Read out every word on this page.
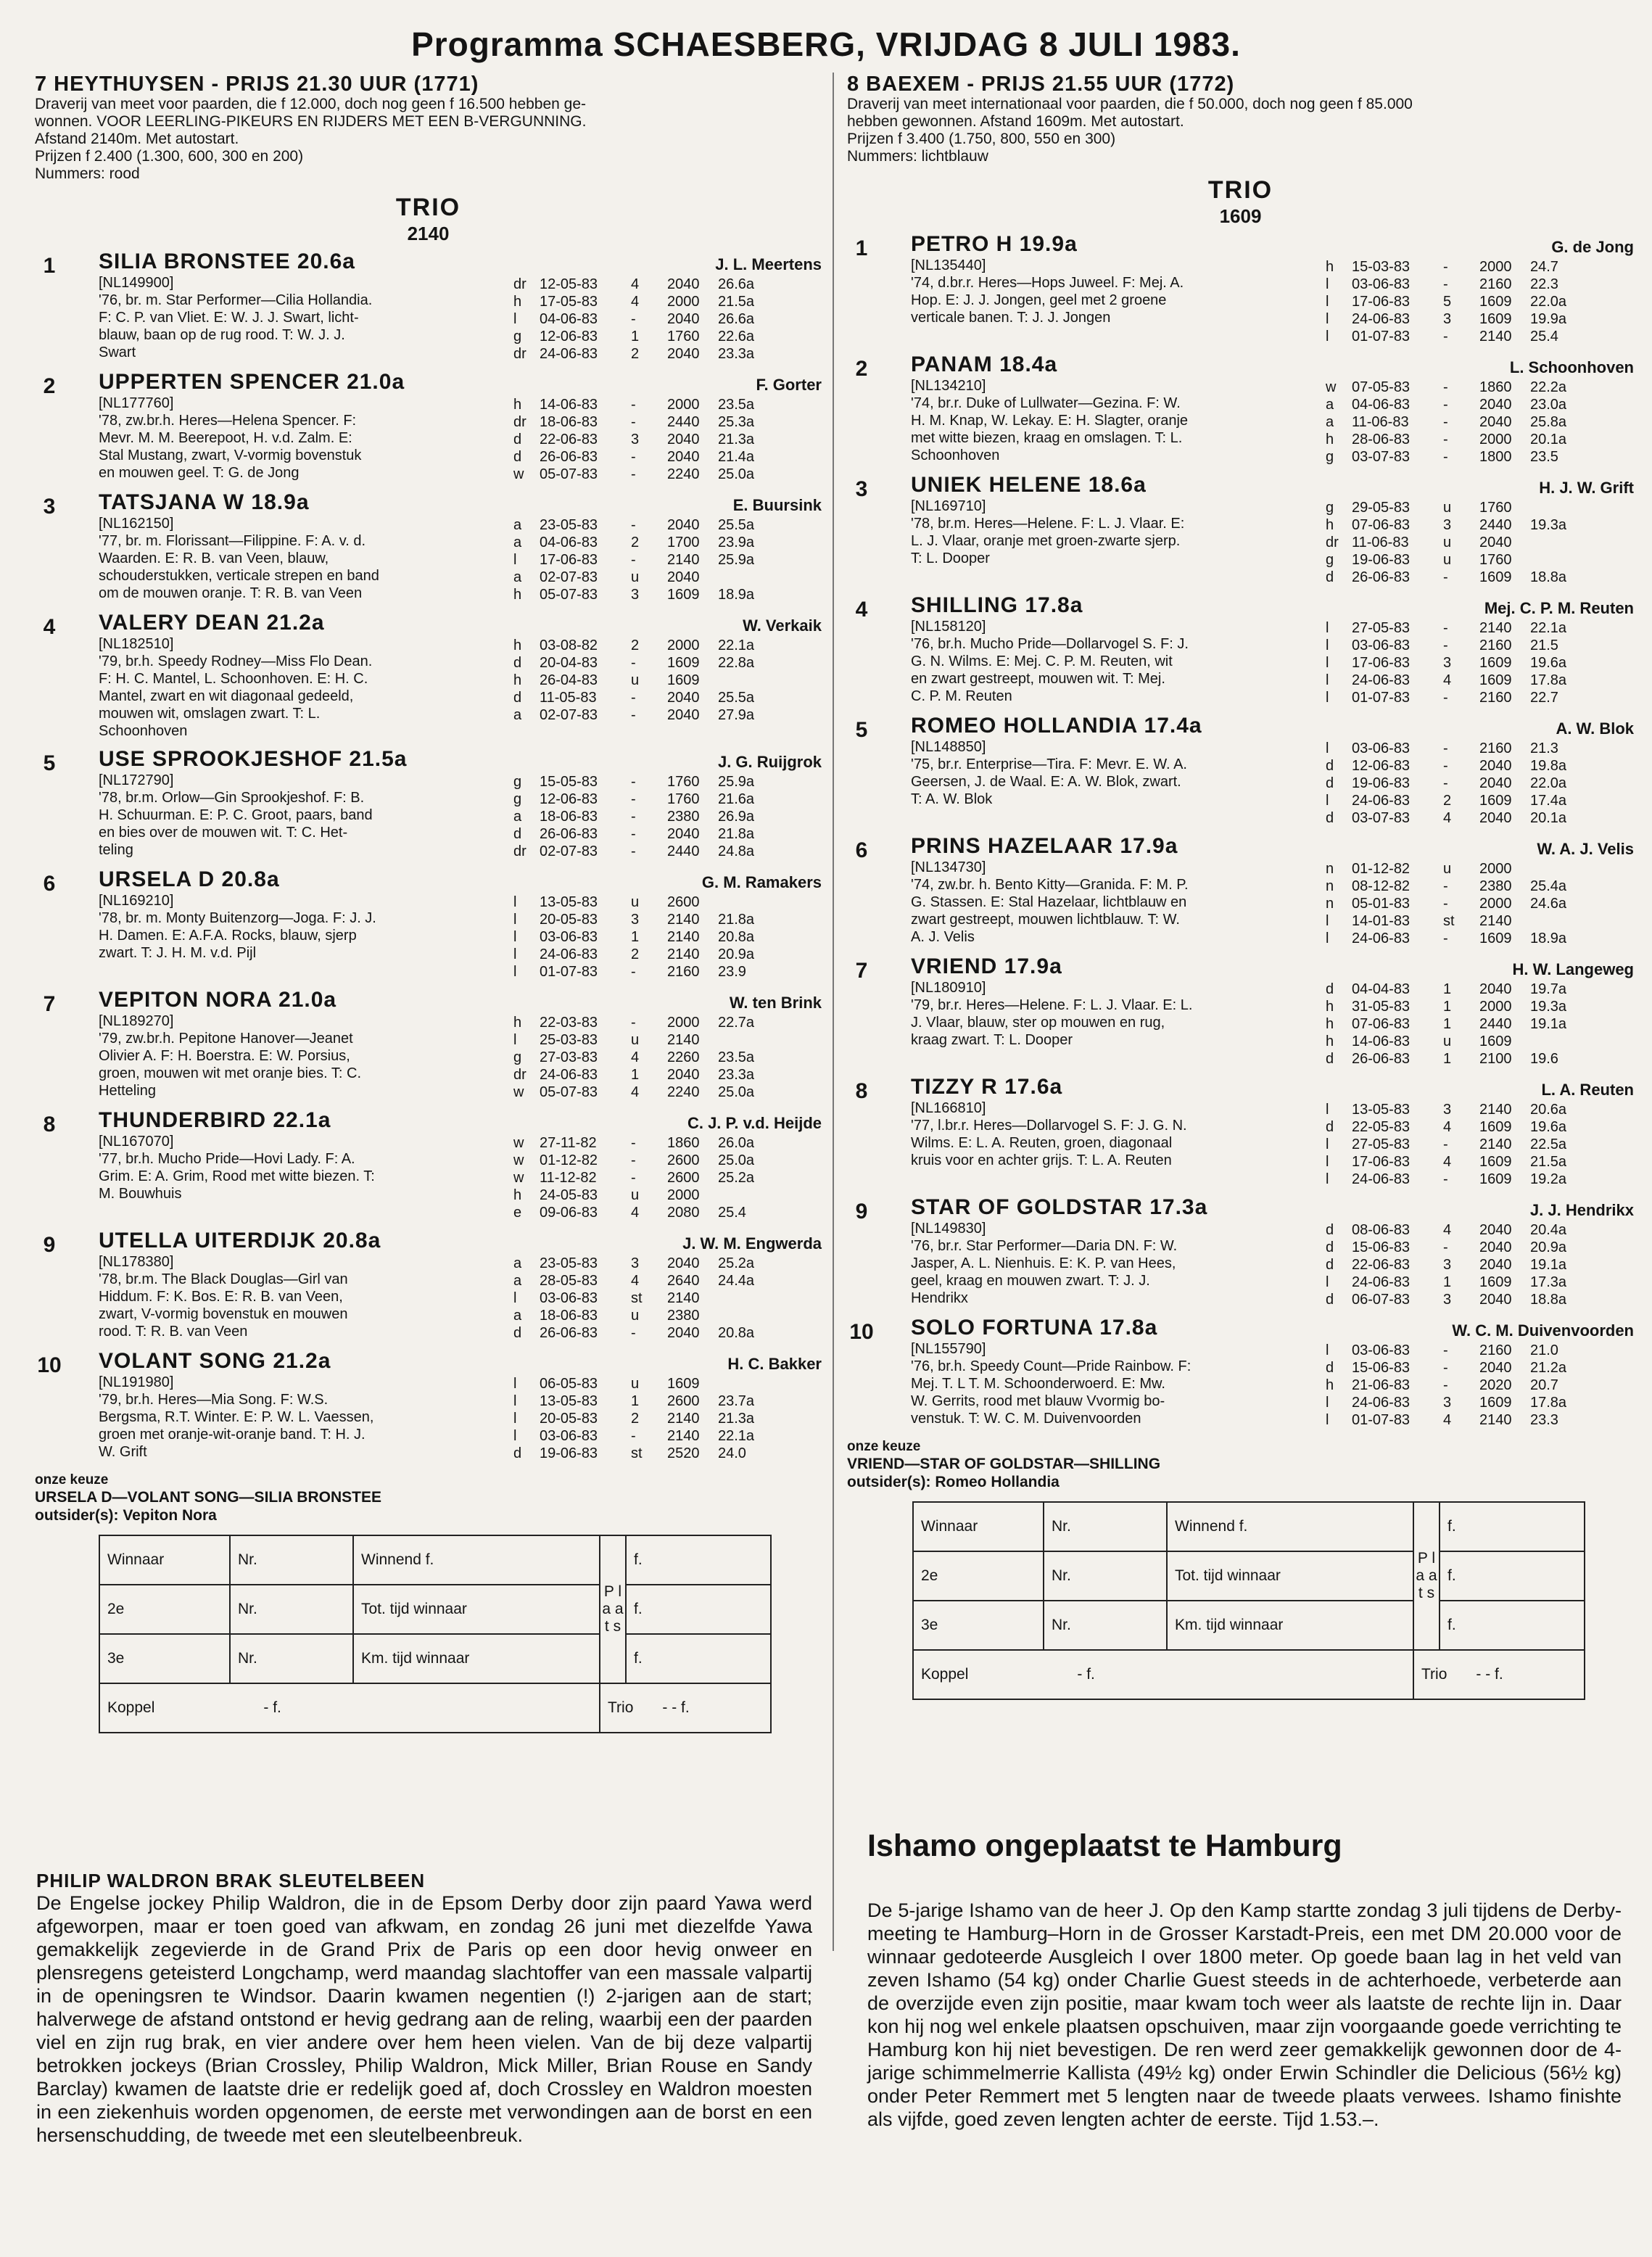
Programma SCHAESBERG, VRIJDAG 8 JULI 1983.
7 HEYTHUYSEN - PRIJS 21.30 UUR (1771)
Draverij van meet voor paarden, die f 12.000, doch nog geen f 16.500 hebben ge-
wonnen. VOOR LEERLING-PIKEURS EN RIJDERS MET EEN B-VERGUNNING.
Afstand 2140m. Met autostart.
Prijzen f 2.400 (1.300, 600, 300 en 200)
Nummers: rood
TRIO
2140
1	SILIA BRONSTEE 20.6a
[NL149900]
'76, br. m. Star Performer—Cilia Hollandia.
F: C. P. van Vliet. E: W. J. J. Swart, licht-
blauw, baan op de rug rood. T: W. J. J.
Swart
J. L. Meertens
dr 12-05-83	4	2040	26.6a
h	17-05-83	4	2000	21.5a
l	04-06-83	-	2040	26.6a
g	12-06-83	1	1760	22.6a
dr 24-06-83	2	2040	23.3a
2	UPPERTEN SPENCER 21.0a
[NL177760]
'78, zw.br.h. Heres—Helena Spencer. F:
Mevr. M. M. Beerepoot, H. v.d. Zalm. E:
Stal Mustang, zwart, V-vormig bovenstuk
en mouwen geel. T: G. de Jong
F. Gorter
h	14-06-83	-	2000	23.5a
dr 18-06-83	-	2440	25.3a
d	22-06-83	3	2040	21.3a
d	26-06-83	-	2040	21.4a
w	05-07-83	-	2240	25.0a
3	TATSJANA W 18.9a
[NL162150]
'77, br. m. Florissant—Filippine. F: A. v. d.
Waarden. E: R. B. van Veen, blauw,
schouderstukken, verticale strepen en band
om de mouwen oranje. T: R. B. van Veen
E. Buursink
a	23-05-83	-	2040	25.5a
a	04-06-83	2	1700	23.9a
l	17-06-83	-	2140	25.9a
a	02-07-83	u	2040
h	05-07-83	3	1609	18.9a
4	VALERY DEAN 21.2a
[NL182510]
'79, br.h. Speedy Rodney—Miss Flo Dean.
F: H. C. Mantel, L. Schoonhoven. E: H. C.
Mantel, zwart en wit diagonaal gedeeld,
mouwen wit, omslagen zwart. T: L.
Schoonhoven
W. Verkaik
h	03-08-82	2	2000	22.1a
d	20-04-83	-	1609	22.8a
h	26-04-83	u	1609
d	11-05-83	-	2040	25.5a
a	02-07-83	-	2040	27.9a
5	USE SPROOKJESHOF 21.5a
[NL172790]
'78, br.m. Orlow—Gin Sprookjeshof. F: B.
H. Schuurman. E: P. C. Groot, paars, band
en bies over de mouwen wit. T: C. Het-
teling
J. G. Ruijgrok
g	15-05-83	-	1760	25.9a
g	12-06-83	-	1760	21.6a
a	18-06-83	-	2380	26.9a
d	26-06-83	-	2040	21.8a
dr 02-07-83	-	2440	24.8a
6	URSELA D 20.8a
[NL169210]
'78, br. m. Monty Buitenzorg—Joga. F: J. J.
H. Damen. E: A.F.A. Rocks, blauw, sjerp
zwart. T: J. H. M. v.d. Pijl
G. M. Ramakers
l	13-05-83	u	2600
l	20-05-83	3	2140	21.8a
l	03-06-83	1	2140	20.8a
l	24-06-83	2	2140	20.9a
l	01-07-83	-	2160	23.9
7	VEPITON NORA 21.0a
[NL189270]
'79, zw.br.h. Pepitone Hanover—Jeanet
Olivier A. F: H. Boerstra. E: W. Porsius,
groen, mouwen wit met oranje bies. T: C.
Hetteling
W. ten Brink
h	22-03-83	-	2000	22.7a
l	25-03-83	u	2140
g	27-03-83	4	2260	23.5a
dr 24-06-83	1	2040	23.3a
w	05-07-83	4	2240	25.0a
8	THUNDERBIRD 22.1a
[NL167070]
'77, br.h. Mucho Pride—Hovi Lady. F: A.
Grim. E: A. Grim, Rood met witte biezen. T:
M. Bouwhuis
C. J. P. v.d. Heijde
w	27-11-82	-	1860	26.0a
w	01-12-82	-	2600	25.0a
w	11-12-82	-	2600	25.2a
h	24-05-83	u	2000
e	09-06-83	4	2080	25.4
9	UTELLA UITERDIJK 20.8a
[NL178380]
'78, br.m. The Black Douglas—Girl van
Hiddum. F: K. Bos. E: R. B. van Veen,
zwart, V-vormig bovenstuk en mouwen
rood. T: R. B. van Veen
J. W. M. Engwerda
a	23-05-83	3	2040	25.2a
a	28-05-83	4	2640	24.4a
l	03-06-83	st	2140
a	18-06-83	u	2380
d	26-06-83	-	2040	20.8a
10 VOLANT SONG 21.2a
[NL191980]
'79, br.h. Heres—Mia Song. F: W.S.
Bergsma, R.T. Winter. E: P. W. L. Vaessen,
groen met oranje-wit-oranje band. T: H. J.
W. Grift
H. C. Bakker
l	06-05-83	u	1609
l	13-05-83	1	2600	23.7a
l	20-05-83	2	2140	21.3a
l	03-06-83	-	2140	22.1a
d	19-06-83	st	2520	24.0
onze keuze
URSELA D—VOLANT SONG—SILIA BRONSTEE
outsider(s): Vepiton Nora
Winnaar	Nr.	Winnend f.	P l a a t s	f.
2e	Nr.	Tot. tijd winnaar		f.
3e	Nr.	Km. tijd winnaar		f.
Koppel - f.			Trio - - f.	
8 BAEXEM - PRIJS 21.55 UUR (1772)
Draverij van meet internationaal voor paarden, die f 50.000, doch nog geen f 85.000
hebben gewonnen. Afstand 1609m. Met autostart.
Prijzen f 3.400 (1.750, 800, 550 en 300)
Nummers: lichtblauw
TRIO
1609
1	PETRO H 19.9a
[NL135440]
'74, d.br.r. Heres—Hops Juweel. F: Mej. A.
Hop. E: J. J. Jongen, geel met 2 groene
verticale banen. T: J. J. Jongen
G. de Jong
h	15-03-83	-	2000	24.7
l	03-06-83	-	2160	22.3
l	17-06-83	5	1609	22.0a
l	24-06-83	3	1609	19.9a
l	01-07-83	-	2140	25.4
2	PANAM 18.4a
[NL134210]
'74, br.r. Duke of Lullwater—Gezina. F: W.
H. M. Knap, W. Lekay. E: H. Slagter, oranje
met witte biezen, kraag en omslagen. T: L.
Schoonhoven
L. Schoonhoven
w	07-05-83	-	1860	22.2a
a	04-06-83	-	2040	23.0a
a	11-06-83	-	2040	25.8a
h	28-06-83	-	2000	20.1a
g	03-07-83	-	1800	23.5
3	UNIEK HELENE 18.6a
[NL169710]
'78, br.m. Heres—Helene. F: L. J. Vlaar. E:
L. J. Vlaar, oranje met groen-zwarte sjerp.
T: L. Dooper
H. J. W. Grift
g	29-05-83	u	1760
h	07-06-83	3	2440	19.3a
dr 11-06-83	u	2040
g	19-06-83	u	1760
d	26-06-83	-	1609	18.8a
4	SHILLING 17.8a
[NL158120]
'76, br.h. Mucho Pride—Dollarvogel S. F: J.
G. N. Wilms. E: Mej. C. P. M. Reuten, wit
en zwart gestreept, mouwen wit. T: Mej.
C. P. M. Reuten
Mej. C. P. M. Reuten
l	27-05-83	-	2140	22.1a
l	03-06-83	-	2160	21.5
l	17-06-83	3	1609	19.6a
l	24-06-83	4	1609	17.8a
l	01-07-83	-	2160	22.7
5	ROMEO HOLLANDIA 17.4a
[NL148850]
'75, br.r. Enterprise—Tira. F: Mevr. E. W. A.
Geersen, J. de Waal. E: A. W. Blok, zwart.
T: A. W. Blok
A. W. Blok
l	03-06-83	-	2160	21.3
d	12-06-83	-	2040	19.8a
d	19-06-83	-	2040	22.0a
l	24-06-83	2	1609	17.4a
d	03-07-83	4	2040	20.1a
6	PRINS HAZELAAR 17.9a
[NL134730]
'74, zw.br. h. Bento Kitty—Granida. F: M. P.
G. Stassen. E: Stal Hazelaar, lichtblauw en
zwart gestreept, mouwen lichtblauw. T: W.
A. J. Velis
W. A. J. Velis
n	01-12-82	u	2000
n	08-12-82	-	2380	25.4a
n	05-01-83	-	2000	24.6a
l	14-01-83	st	2140
l	24-06-83	-	1609	18.9a
7	VRIEND 17.9a
[NL180910]
'79, br.r. Heres—Helene. F: L. J. Vlaar. E: L.
J. Vlaar, blauw, ster op mouwen en rug,
kraag zwart. T: L. Dooper
H. W. Langeweg
d	04-04-83	1	2040	19.7a
h	31-05-83	1	2000	19.3a
h	07-06-83	1	2440	19.1a
h	14-06-83	u	1609
d	26-06-83	1	2100	19.6
8	TIZZY R 17.6a
[NL166810]
'77, l.br.r. Heres—Dollarvogel S. F: J. G. N.
Wilms. E: L. A. Reuten, groen, diagonaal
kruis voor en achter grijs. T: L. A. Reuten
L. A. Reuten
l	13-05-83	3	2140	20.6a
d	22-05-83	4	1609	19.6a
l	27-05-83	-	2140	22.5a
l	17-06-83	4	1609	21.5a
l	24-06-83	-	1609	19.2a
9	STAR OF GOLDSTAR 17.3a
[NL149830]
'76, br.r. Star Performer—Daria DN. F: W.
Jasper, A. L. Nienhuis. E: K. P. van Hees,
geel, kraag en mouwen zwart. T: J. J.
Hendrikx
J. J. Hendrikx
d	08-06-83	4	2040	20.4a
d	15-06-83	-	2040	20.9a
d	22-06-83	3	2040	19.1a
l	24-06-83	1	1609	17.3a
d	06-07-83	3	2040	18.8a
10 SOLO FORTUNA 17.8a
[NL155790]
'76, br.h. Speedy Count—Pride Rainbow. F:
Mej. T. L T. M. Schoonderwoerd. E: Mw.
W. Gerrits, rood met blauw Vvormig bo-
venstuk. T: W. C. M. Duivenvoorden
W. C. M. Duivenvoorden
l	03-06-83	-	2160	21.0
d	15-06-83	-	2040	21.2a
h	21-06-83	-	2020	20.7
l	24-06-83	3	1609	17.8a
l	01-07-83	4	2140	23.3
onze keuze
VRIEND—STAR OF GOLDSTAR—SHILLING
outsider(s): Romeo Hollandia
Winnaar	Nr.	Winnend f.	P l a a t s	f.
2e	Nr.	Tot. tijd winnaar		f.
3e	Nr.	Km. tijd winnaar		f.
Koppel - f.			Trio - - f.	
PHILIP WALDRON BRAK SLEUTELBEEN
De Engelse jockey Philip Waldron, die in de Epsom Derby door zijn paard Yawa werd afgeworpen, maar er toen goed van afkwam, en zondag 26 juni met diezelfde Yawa gemakkelijk zegevierde in de Grand Prix de Paris op een door hevig onweer en plensregens geteisterd Longchamp, werd maandag slachtoffer van een massale valpartij in de openingsren te Windsor. Daarin kwamen negentien (!) 2-jarigen aan de start; halverwege de afstand ontstond er hevig gedrang aan de reling, waarbij een der paarden viel en zijn rug brak, en vier andere over hem heen vielen. Van de bij deze valpartij betrokken jockeys (Brian Crossley, Philip Waldron, Mick Miller, Brian Rouse en Sandy Barclay) kwamen de laatste drie er redelijk goed af, doch Crossley en Waldron moesten in een ziekenhuis worden opgenomen, de eerste met verwondingen aan de borst en een hersenschudding, de tweede met een sleutelbeenbreuk.
Ishamo ongeplaatst te Hamburg
De 5-jarige Ishamo van de heer J. Op den Kamp startte zondag 3 juli tijdens de Derby-meeting te Hamburg–Horn in de Grosser Karstadt-Preis, een met DM 20.000 voor de winnaar gedoteerde Ausgleich I over 1800 meter. Op goede baan lag in het veld van zeven Ishamo (54 kg) onder Charlie Guest steeds in de achterhoede, verbeterde aan de overzijde even zijn positie, maar kwam toch weer als laatste de rechte lijn in. Daar kon hij nog wel enkele plaatsen opschuiven, maar zijn voorgaande goede verrichting te Hamburg kon hij niet bevestigen. De ren werd zeer gemakkelijk gewonnen door de 4-jarige schimmelmerrie Kallista (49½ kg) onder Erwin Schindler die Delicious (56½ kg) onder Peter Remmert met 5 lengten naar de tweede plaats verwees. Ishamo finishte als vijfde, goed zeven lengten achter de eerste. Tijd 1.53.–.
